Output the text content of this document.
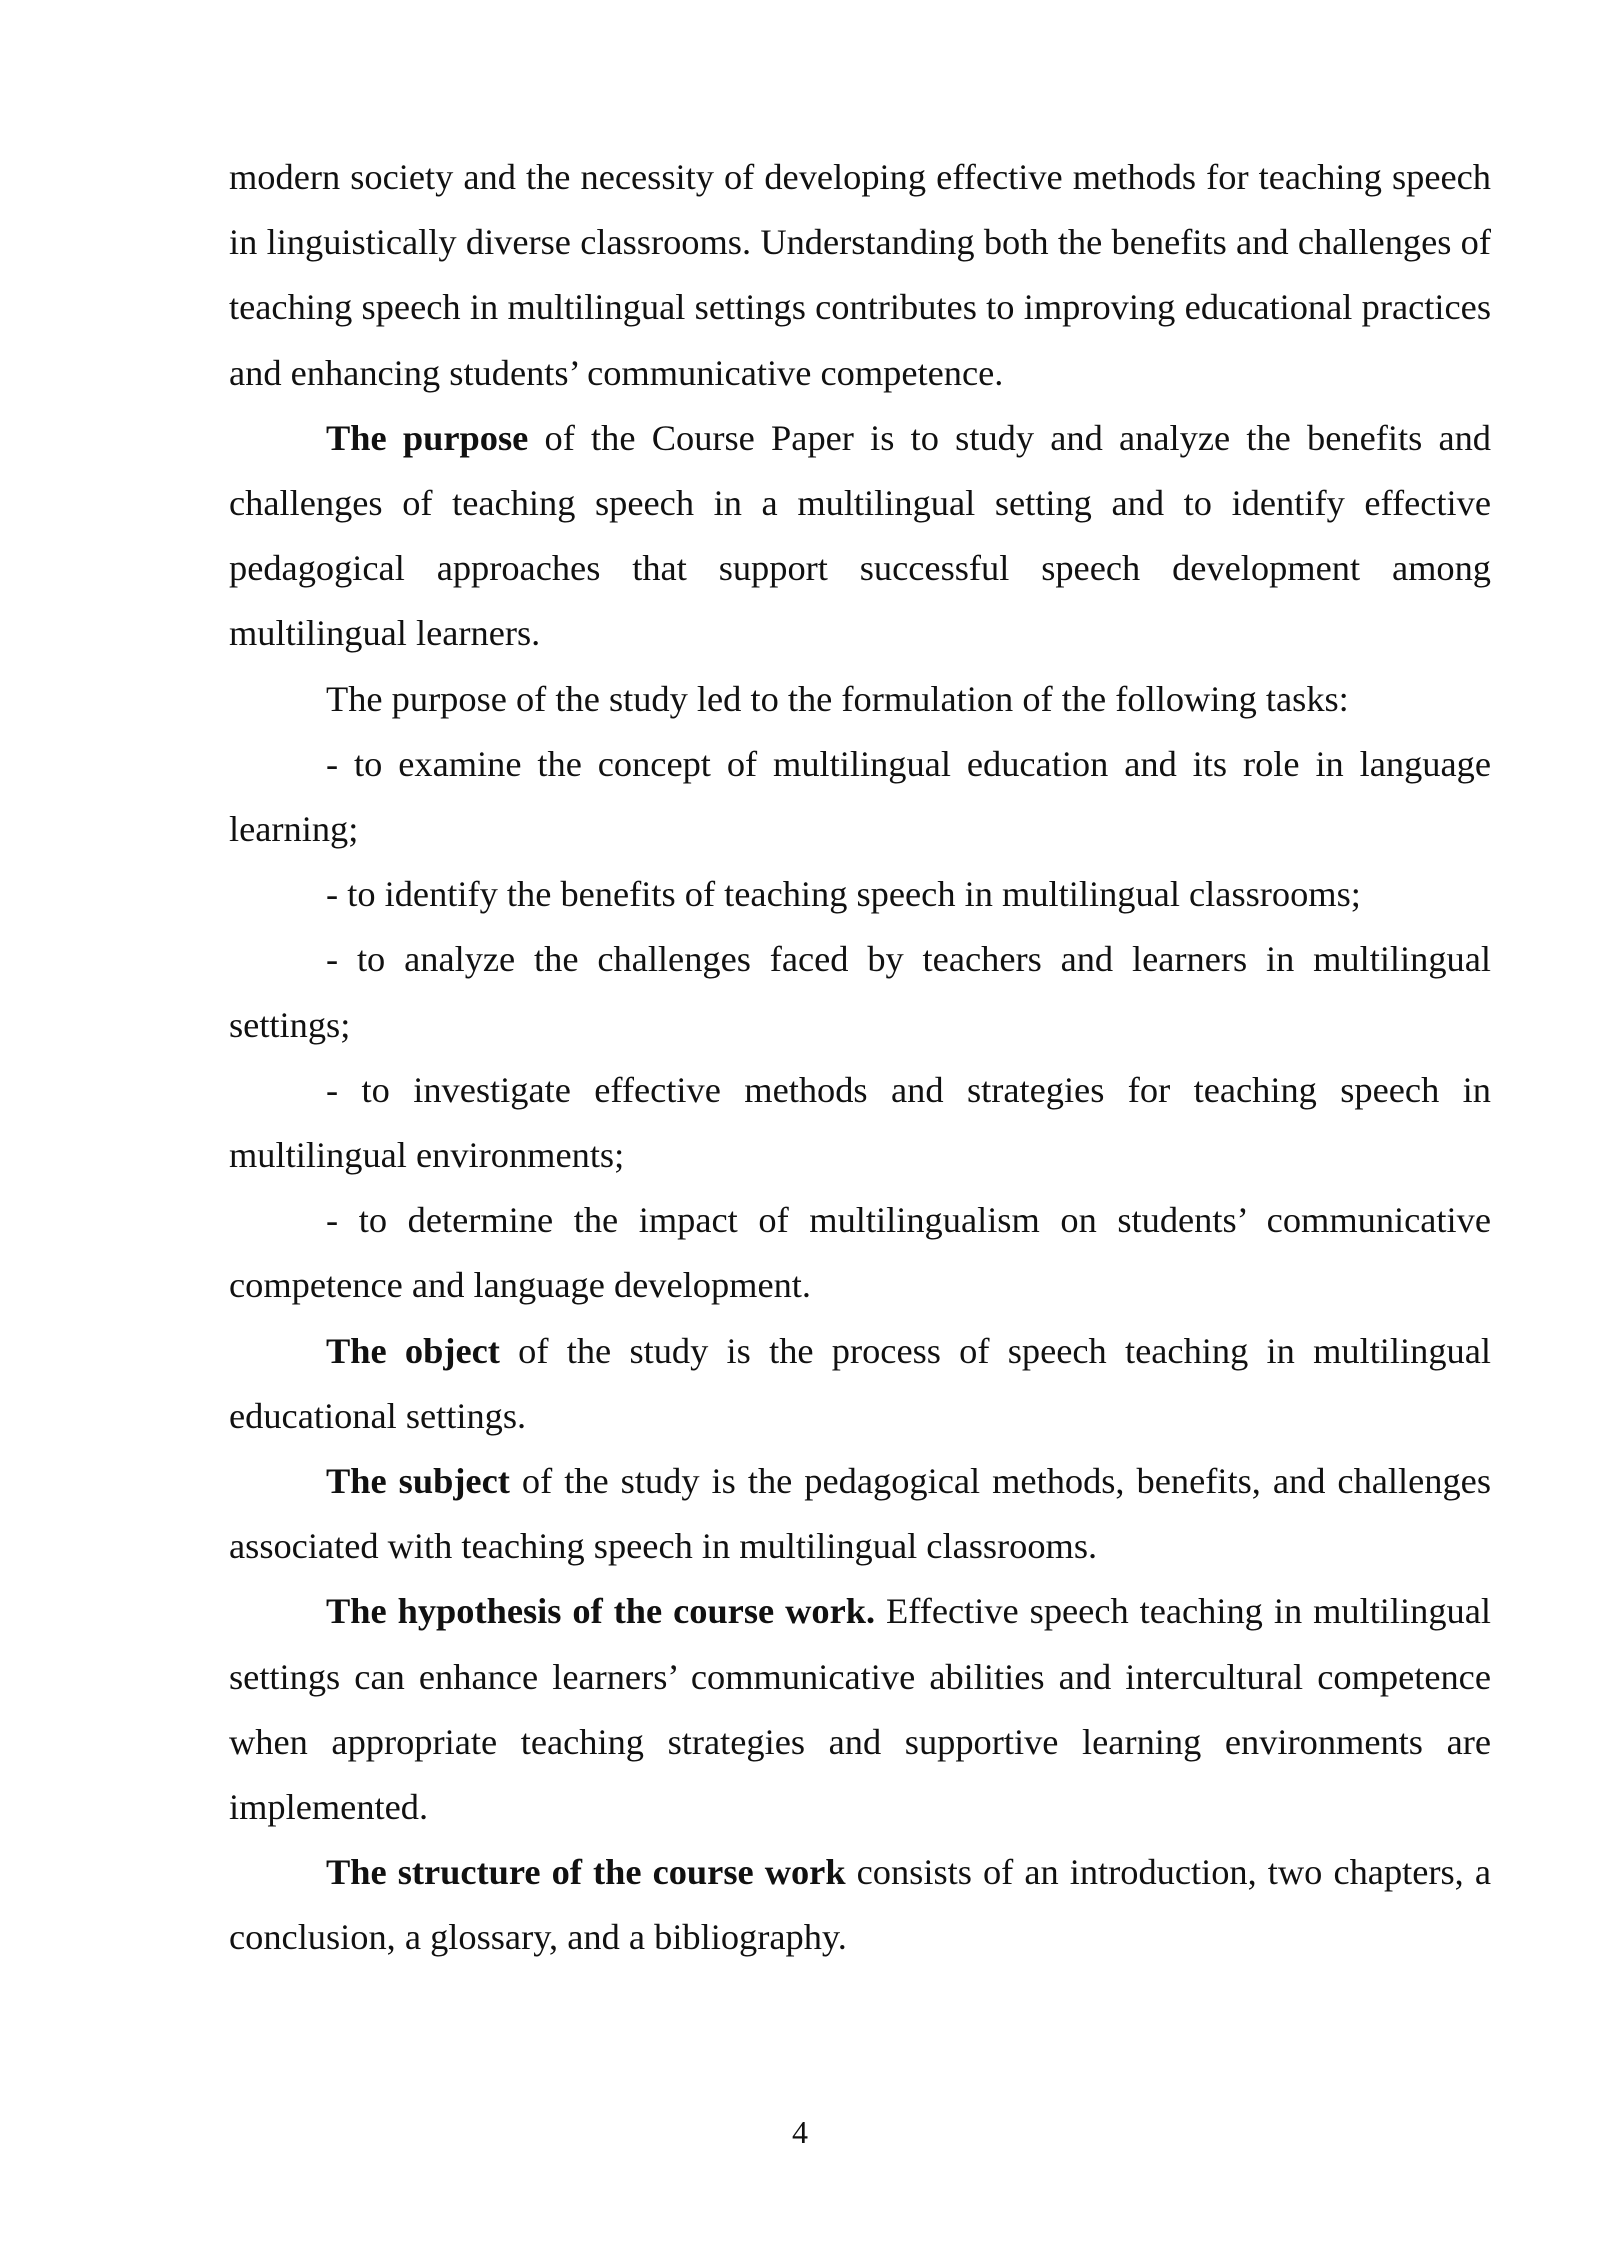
modern society and the necessity of developing effective methods for teaching speech in linguistically diverse classrooms. Understanding both the benefits and challenges of teaching speech in multilingual settings contributes to improving educational practices and enhancing students’ communicative competence.

The purpose of the Course Paper is to study and analyze the benefits and challenges of teaching speech in a multilingual setting and to identify effective pedagogical approaches that support successful speech development among multilingual learners.

The purpose of the study led to the formulation of the following tasks:

- to examine the concept of multilingual education and its role in language learning;

- to identify the benefits of teaching speech in multilingual classrooms;

- to analyze the challenges faced by teachers and learners in multilingual settings;

- to investigate effective methods and strategies for teaching speech in multilingual environments;

- to determine the impact of multilingualism on students’ communicative competence and language development.

The object of the study is the process of speech teaching in multilingual educational settings.

The subject of the study is the pedagogical methods, benefits, and challenges associated with teaching speech in multilingual classrooms.

The hypothesis of the course work. Effective speech teaching in multilingual settings can enhance learners’ communicative abilities and intercultural competence when appropriate teaching strategies and supportive learning environments are implemented.

The structure of the course work consists of an introduction, two chapters, a conclusion, a glossary, and a bibliography.

4
